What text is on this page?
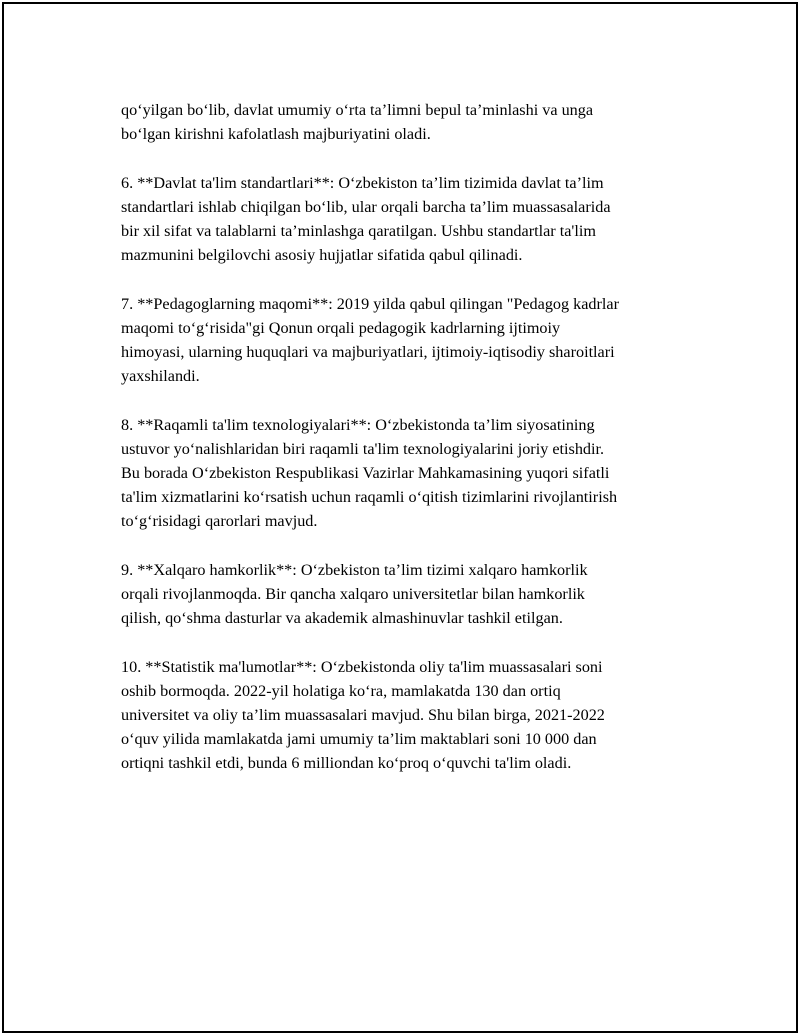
qo‘yilgan bo‘lib, davlat umumiy o‘rta ta’limni bepul ta’minlashi va unga
bo‘lgan kirishni kafolatlash majburiyatini oladi.

6. **Davlat ta'lim standartlari**: O‘zbekiston ta’lim tizimida davlat ta’lim
standartlari ishlab chiqilgan bo‘lib, ular orqali barcha ta’lim muassasalarida
bir xil sifat va talablarni ta’minlashga qaratilgan. Ushbu standartlar ta'lim
mazmunini belgilovchi asosiy hujjatlar sifatida qabul qilinadi.

7. **Pedagoglarning maqomi**: 2019 yilda qabul qilingan "Pedagog kadrlar
maqomi to‘g‘risida"gi Qonun orqali pedagogik kadrlarning ijtimoiy
himoyasi, ularning huquqlari va majburiyatlari, ijtimoiy-iqtisodiy sharoitlari
yaxshilandi.

8. **Raqamli ta'lim texnologiyalari**: O‘zbekistonda ta’lim siyosatining
ustuvor yo‘nalishlaridan biri raqamli ta'lim texnologiyalarini joriy etishdir.
Bu borada O‘zbekiston Respublikasi Vazirlar Mahkamasining yuqori sifatli
ta'lim xizmatlarini ko‘rsatish uchun raqamli o‘qitish tizimlarini rivojlantirish
to‘g‘risidagi qarorlari mavjud.

9. **Xalqaro hamkorlik**: O‘zbekiston ta’lim tizimi xalqaro hamkorlik
orqali rivojlanmoqda. Bir qancha xalqaro universitetlar bilan hamkorlik
qilish, qo‘shma dasturlar va akademik almashinuvlar tashkil etilgan.

10. **Statistik ma'lumotlar**: O‘zbekistonda oliy ta'lim muassasalari soni
oshib bormoqda. 2022-yil holatiga ko‘ra, mamlakatda 130 dan ortiq
universitet va oliy ta’lim muassasalari mavjud. Shu bilan birga, 2021-2022
o‘quv yilida mamlakatda jami umumiy ta’lim maktablari soni 10 000 dan
ortiqni tashkil etdi, bunda 6 milliondan ko‘proq o‘quvchi ta'lim oladi.
